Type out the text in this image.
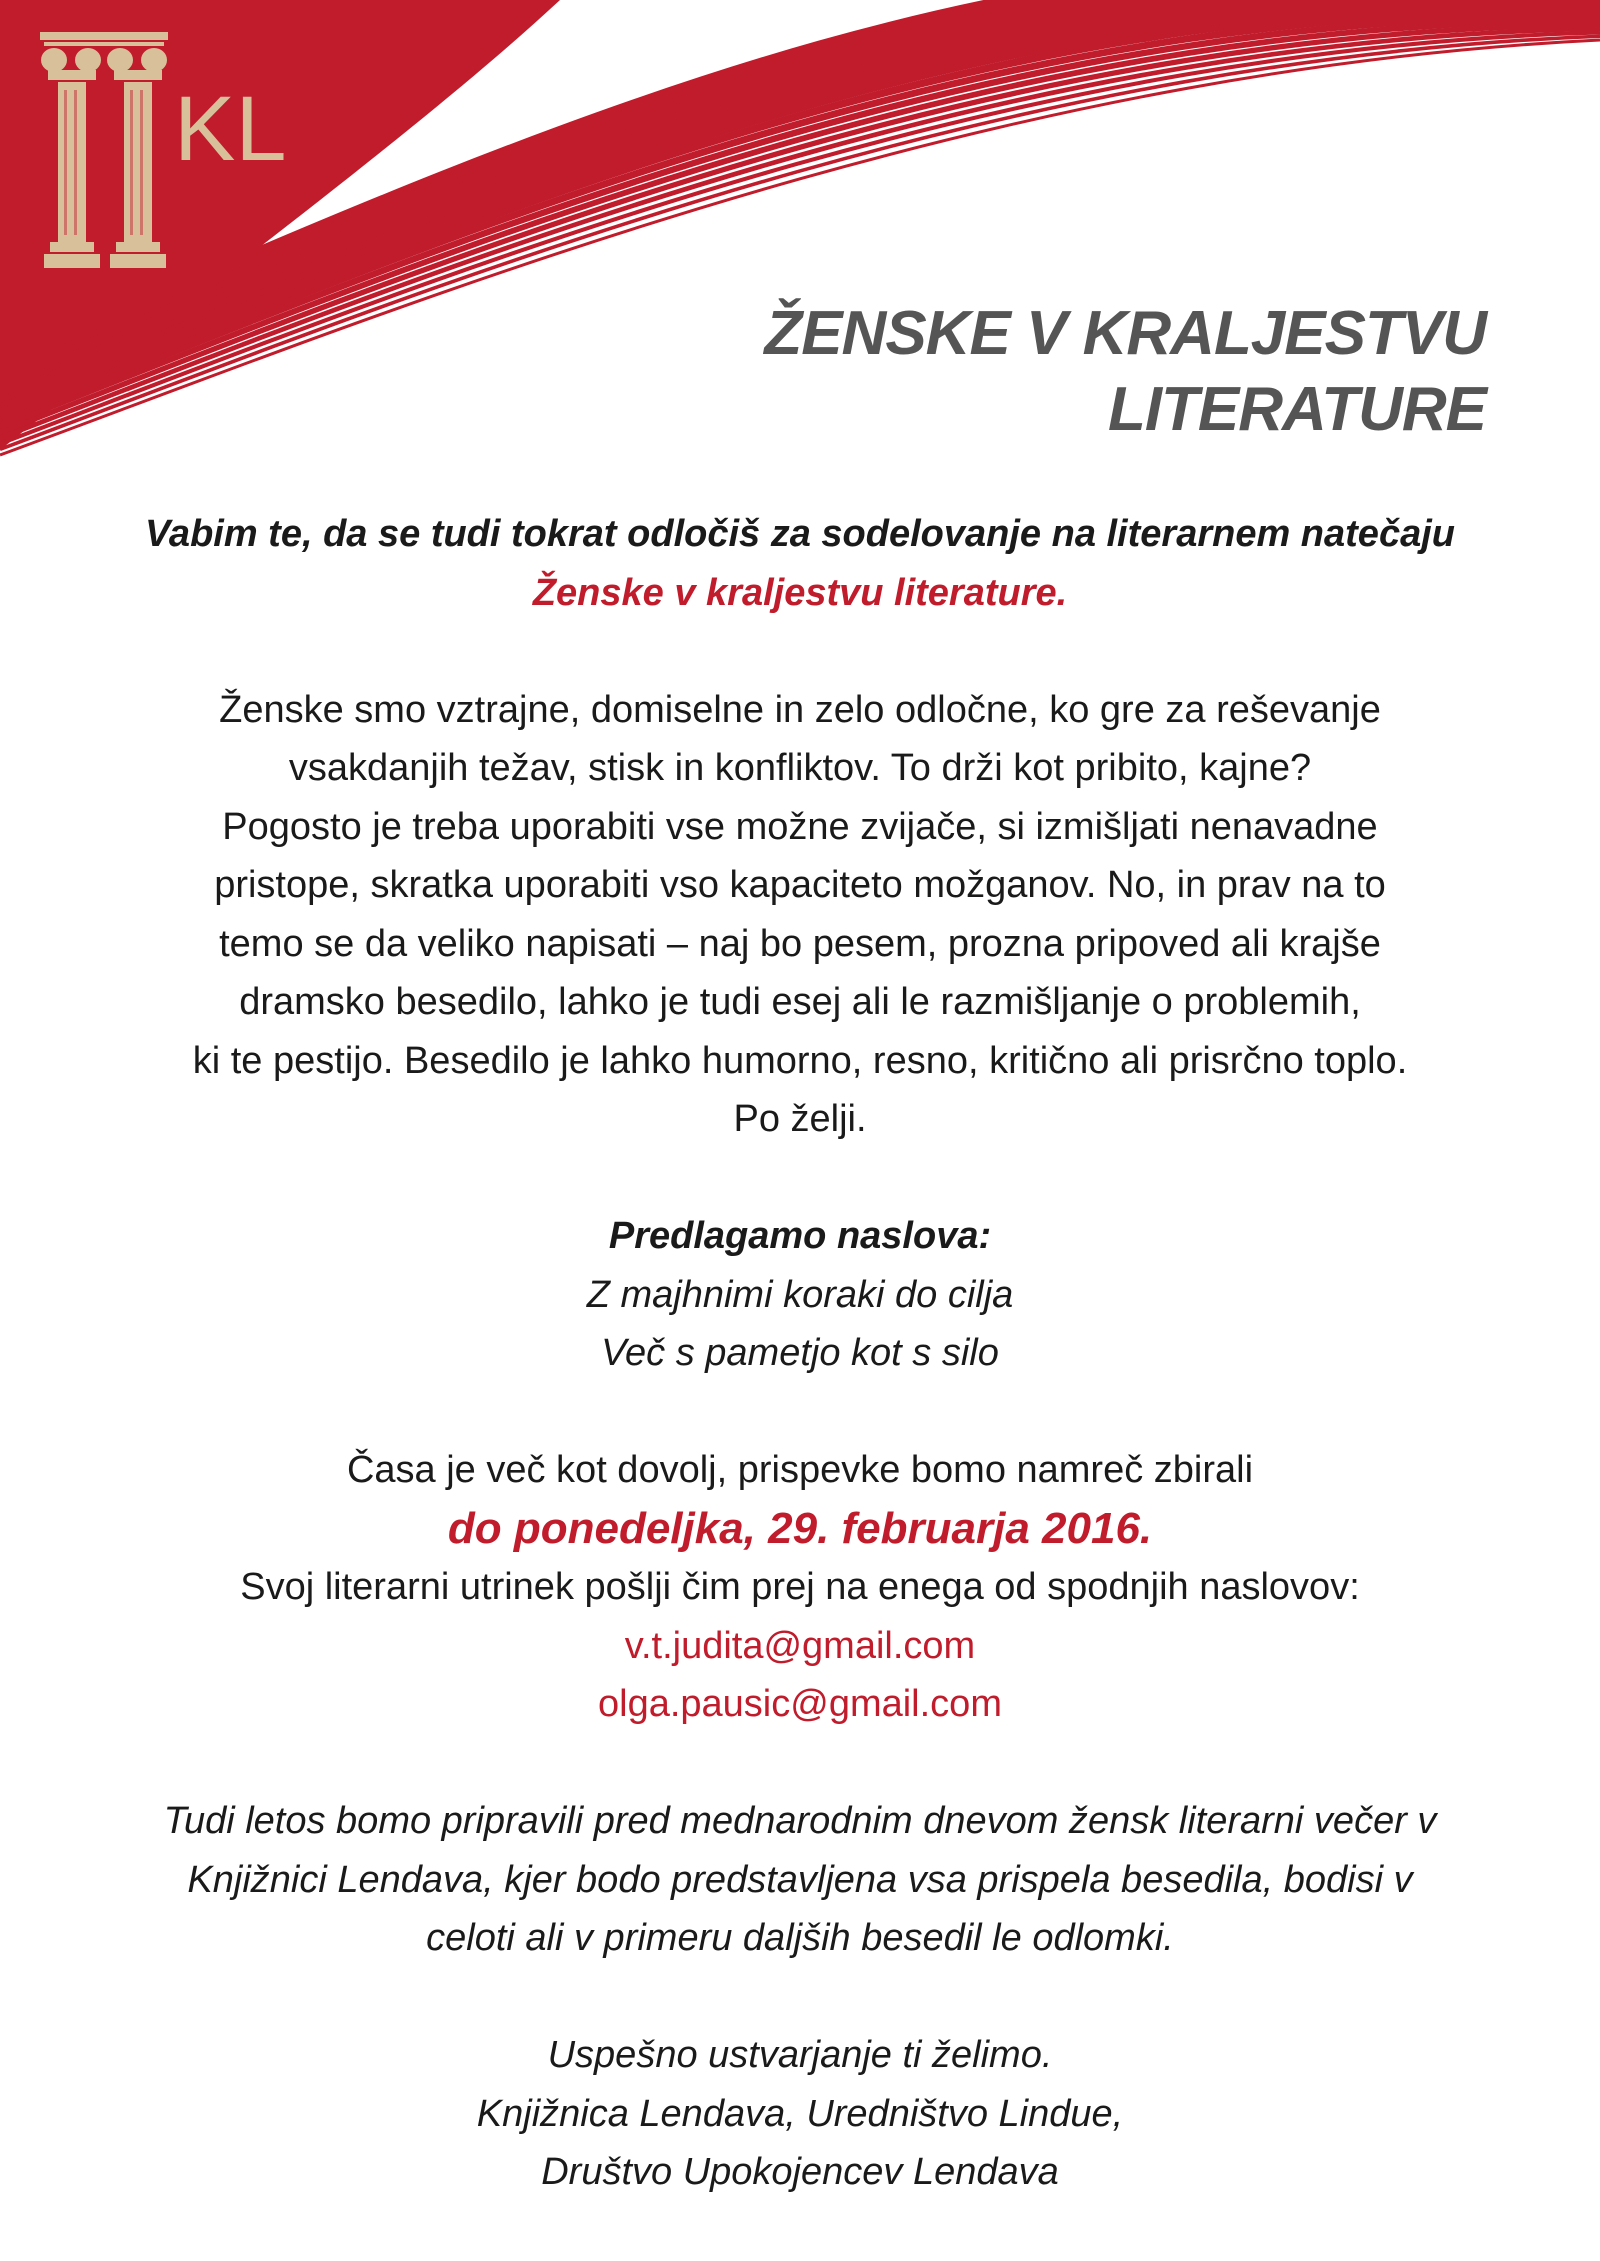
KL
ŽENSKE V KRALJESTVU
LITERATURE

Vabim te, da se tudi tokrat odločiš za sodelovanje na literarnem natečaju

Ženske v kraljestvu literature.

Ženske smo vztrajne, domiselne in zelo odločne, ko gre za reševanje

vsakdanjih težav, stisk in konfliktov. To drži kot pribito, kajne?

Pogosto je treba uporabiti vse možne zvijače, si izmišljati nenavadne

pristope, skratka uporabiti vso kapaciteto možganov. No, in prav na to

temo se da veliko napisati – naj bo pesem, prozna pripoved ali krajše

dramsko besedilo, lahko je tudi esej ali le razmišljanje o problemih,

ki te pestijo. Besedilo je lahko humorno, resno, kritično ali prisrčno toplo.

Po želji.

Predlagamo naslova:

Z majhnimi koraki do cilja

Več s pametjo kot s silo

Časa je več kot dovolj, prispevke bomo namreč zbirali

do ponedeljka, 29. februarja 2016.

Svoj literarni utrinek pošlji čim prej na enega od spodnjih naslovov:

v.t.judita@gmail.com

olga.pausic@gmail.com

Tudi letos bomo pripravili pred mednarodnim dnevom žensk literarni večer v

Knjižnici Lendava, kjer bodo predstavljena vsa prispela besedila, bodisi v

celoti ali v primeru daljših besedil le odlomki.

Uspešno ustvarjanje ti želimo.

Knjižnica Lendava, Uredništvo Lindue,

Društvo Upokojencev Lendava
